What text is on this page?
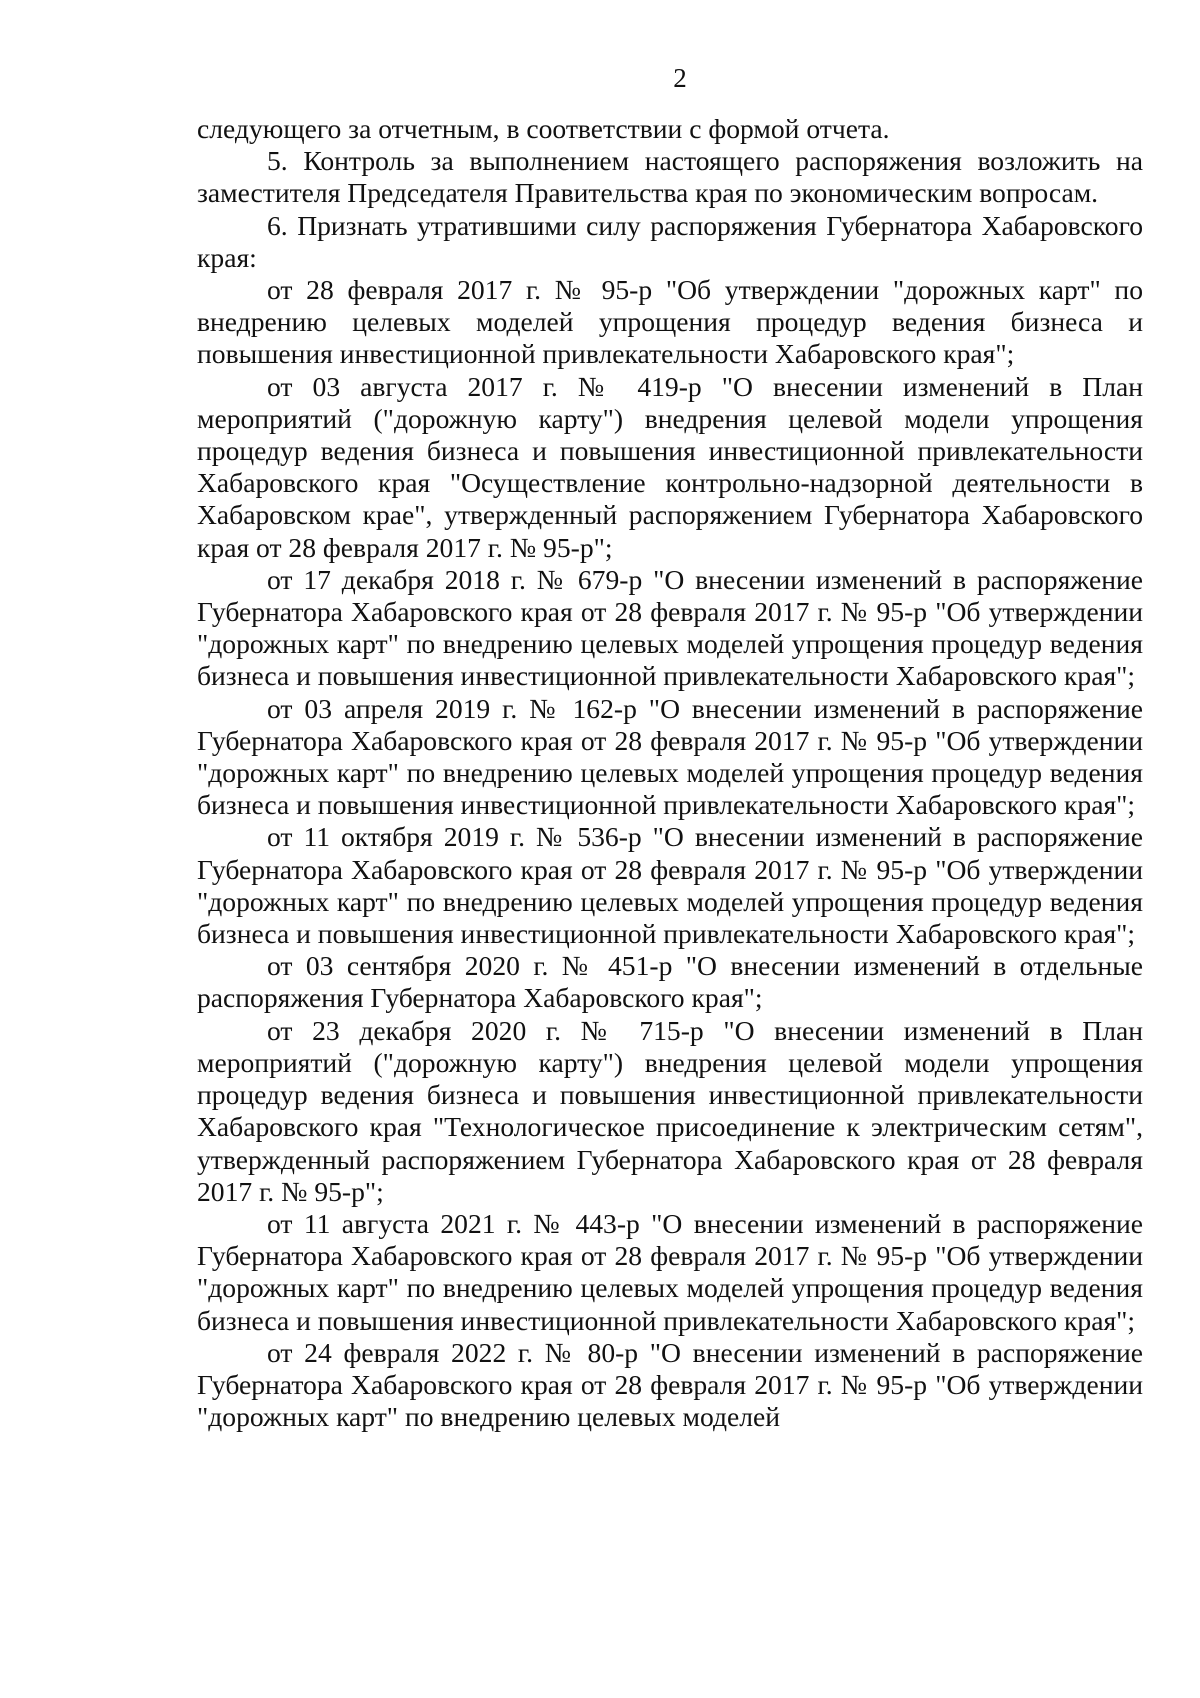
2

следующего за отчетным, в соответствии с формой отчета.

5. Контроль за выполнением настоящего распоряжения возложить на заместителя Председателя Правительства края по экономическим вопросам.

6. Признать утратившими силу распоряжения Губернатора Хабаровского края:

от 28 февраля 2017 г. № 95-р "Об утверждении "дорожных карт" по внедрению целевых моделей упрощения процедур ведения бизнеса и повышения инвестиционной привлекательности Хабаровского края";

от 03 августа 2017 г. № 419-р "О внесении изменений в План мероприятий ("дорожную карту") внедрения целевой модели упрощения процедур ведения бизнеса и повышения инвестиционной привлекательности Хабаровского края "Осуществление контрольно-надзорной деятельности в Хабаровском крае", утвержденный распоряжением Губернатора Хабаровского края от 28 февраля 2017 г. № 95-р";

от 17 декабря 2018 г. № 679-р "О внесении изменений в распоряжение Губернатора Хабаровского края от 28 февраля 2017 г. № 95-р "Об утверждении "дорожных карт" по внедрению целевых моделей упрощения процедур ведения бизнеса и повышения инвестиционной привлекательности Хабаровского края";

от 03 апреля 2019 г. № 162-р "О внесении изменений в распоряжение Губернатора Хабаровского края от 28 февраля 2017 г. № 95-р "Об утверждении "дорожных карт" по внедрению целевых моделей упрощения процедур ведения бизнеса и повышения инвестиционной привлекательности Хабаровского края";

от 11 октября 2019 г. № 536-р "О внесении изменений в распоряжение Губернатора Хабаровского края от 28 февраля 2017 г. № 95-р "Об утверждении "дорожных карт" по внедрению целевых моделей упрощения процедур ведения бизнеса и повышения инвестиционной привлекательности Хабаровского края";

от 03 сентября 2020 г. № 451-р "О внесении изменений в отдельные распоряжения Губернатора Хабаровского края";

от 23 декабря 2020 г. № 715-р "О внесении изменений в План мероприятий ("дорожную карту") внедрения целевой модели упрощения процедур ведения бизнеса и повышения инвестиционной привлекательности Хабаровского края "Технологическое присоединение к электрическим сетям", утвержденный распоряжением Губернатора Хабаровского края от 28 февраля 2017 г. № 95-р";

от 11 августа 2021 г. № 443-р "О внесении изменений в распоряжение Губернатора Хабаровского края от 28 февраля 2017 г. № 95-р "Об утверждении "дорожных карт" по внедрению целевых моделей упрощения процедур ведения бизнеса и повышения инвестиционной привлекательности Хабаровского края";

от 24 февраля 2022 г. № 80-р "О внесении изменений в распоряжение Губернатора Хабаровского края от 28 февраля 2017 г. № 95-р "Об утверждении "дорожных карт" по внедрению целевых моделей
